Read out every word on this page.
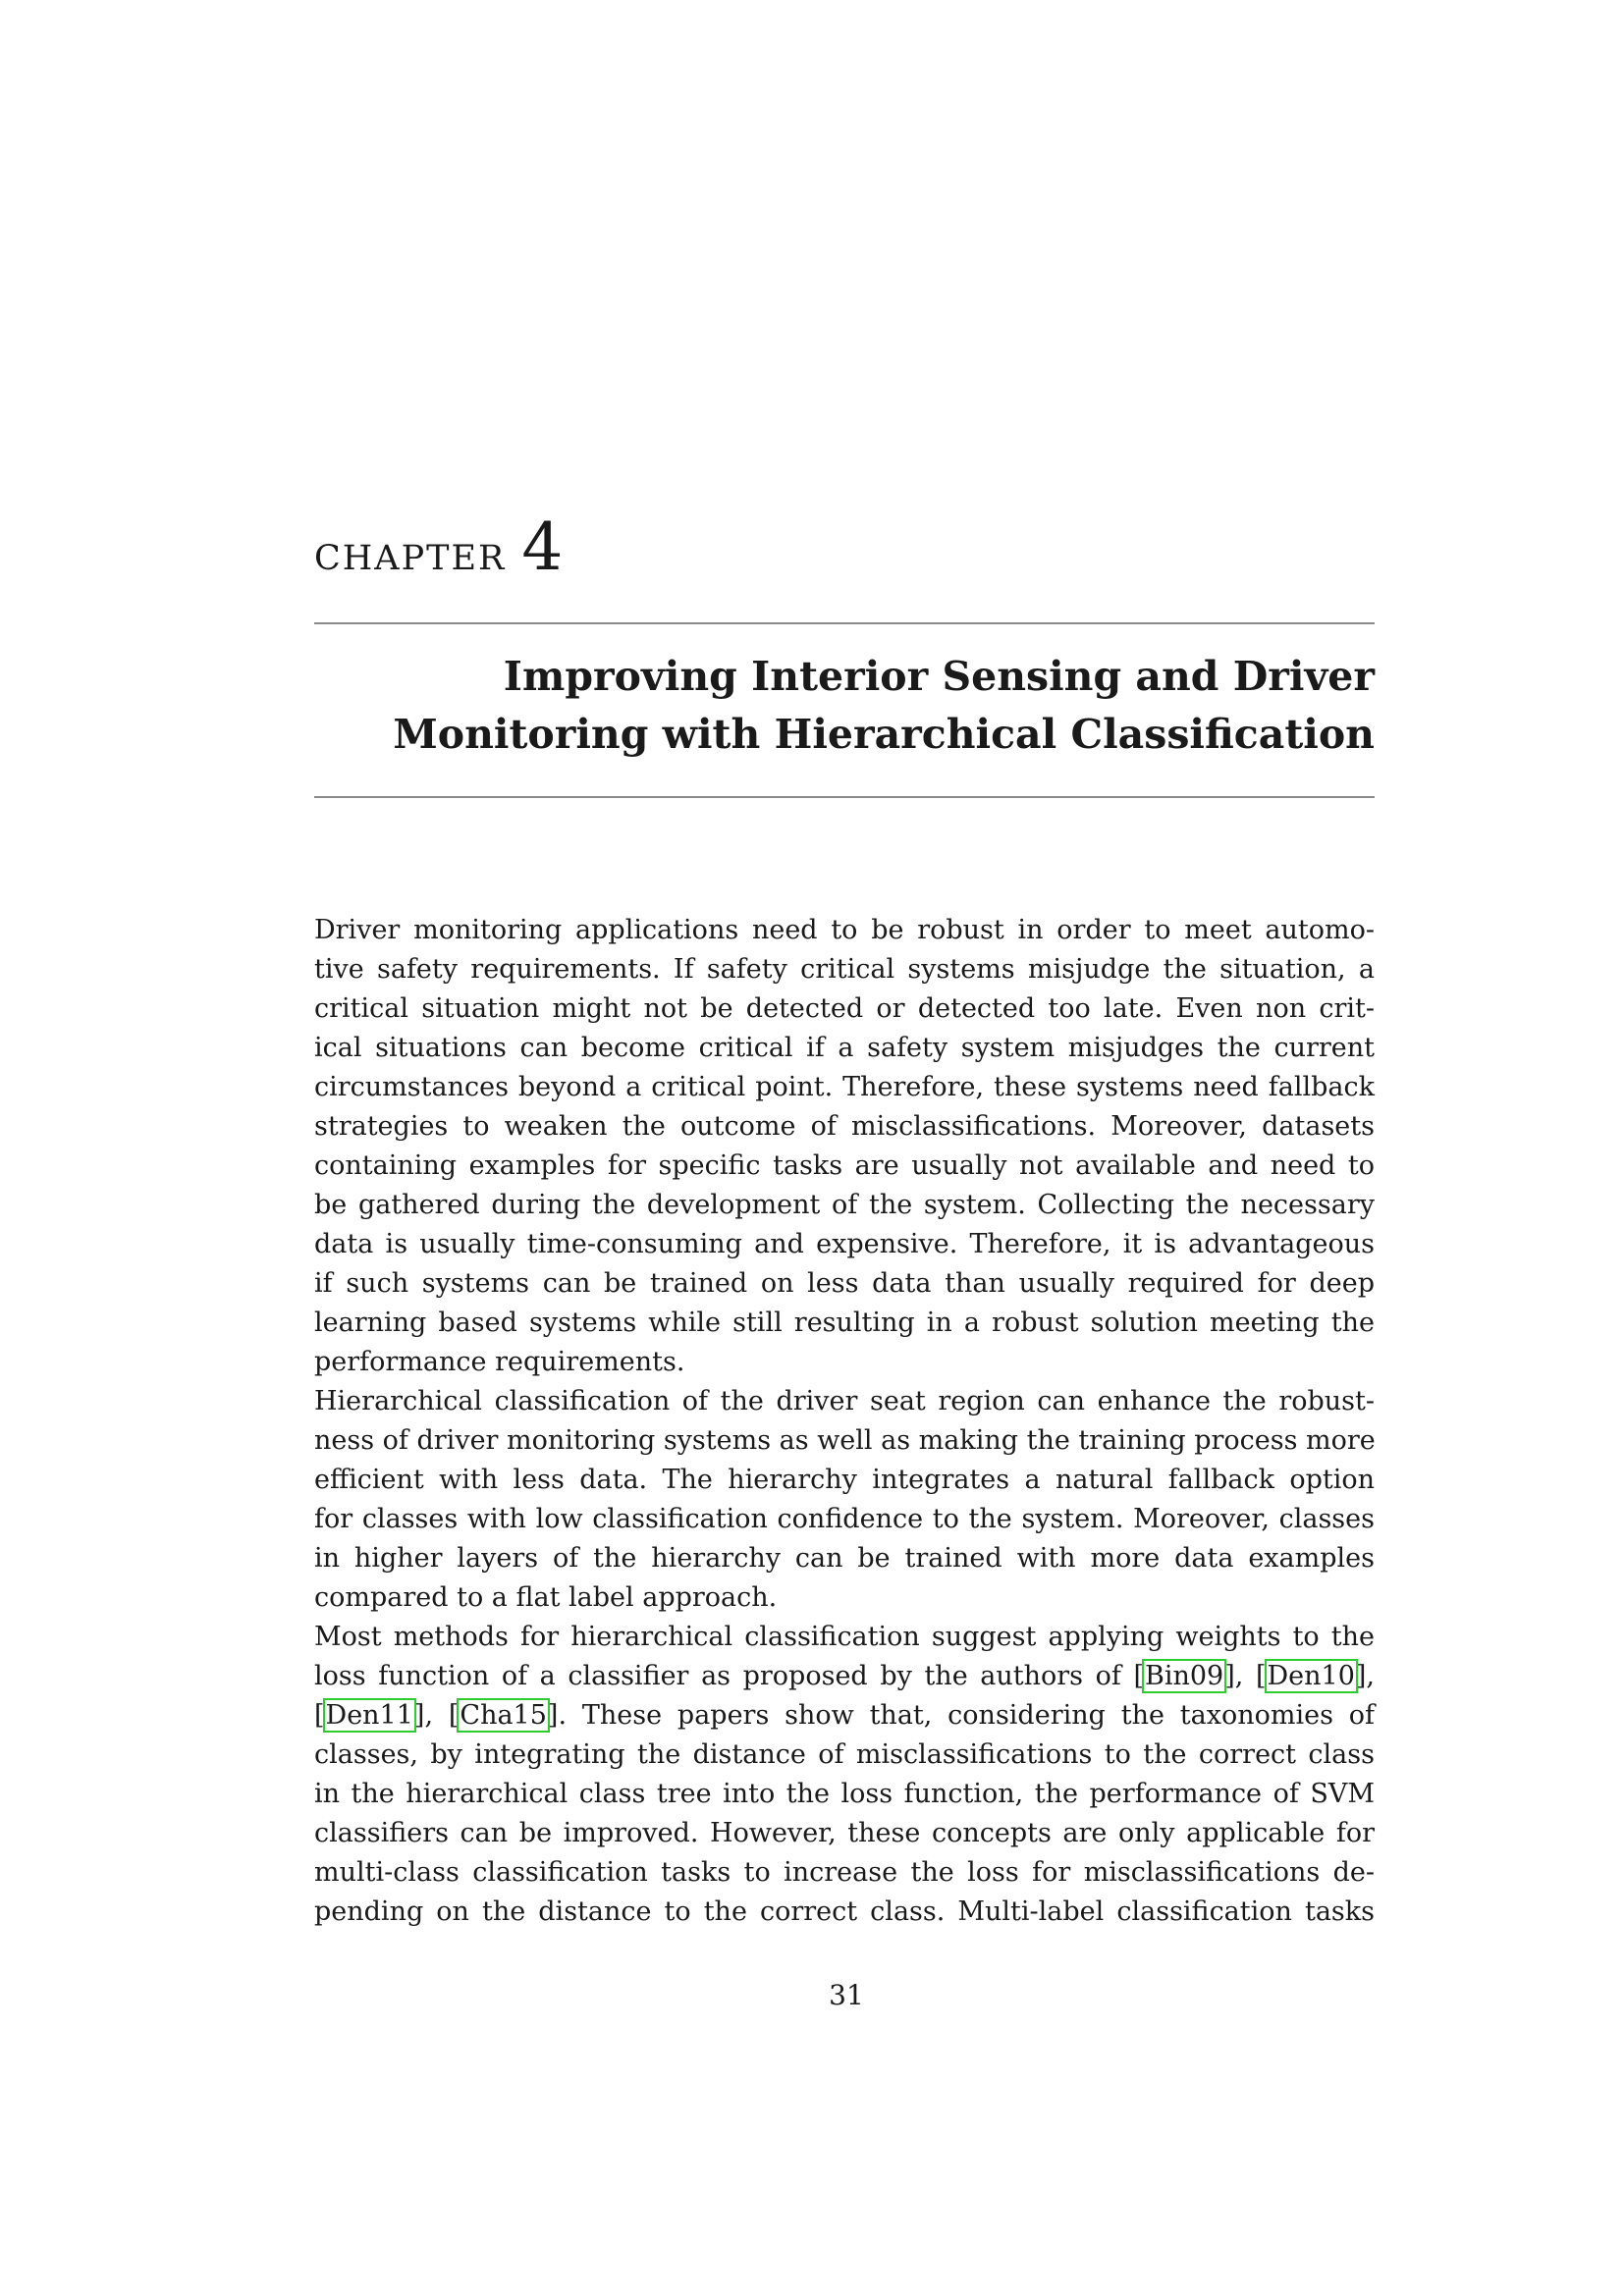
chapter 4
Improving Interior Sensing and Driver
Monitoring with Hierarchical Classification
Driver monitoring applications need to be robust in order to meet automo-
tive safety requirements. If safety critical systems misjudge the situation, a
critical situation might not be detected or detected too late. Even non crit-
ical situations can become critical if a safety system misjudges the current
circumstances beyond a critical point. Therefore, these systems need fallback
strategies to weaken the outcome of misclassifications. Moreover, datasets
containing examples for specific tasks are usually not available and need to
be gathered during the development of the system. Collecting the necessary
data is usually time-consuming and expensive. Therefore, it is advantageous
if such systems can be trained on less data than usually required for deep
learning based systems while still resulting in a robust solution meeting the
performance requirements.
Hierarchical classification of the driver seat region can enhance the robust-
ness of driver monitoring systems as well as making the training process more
efficient with less data. The hierarchy integrates a natural fallback option
for classes with low classification confidence to the system. Moreover, classes
in higher layers of the hierarchy can be trained with more data examples
compared to a flat label approach.
Most methods for hierarchical classification suggest applying weights to the
loss function of a classifier as proposed by the authors of [Bin09], [Den10],
[Den11], [Cha15]. These papers show that, considering the taxonomies of
classes, by integrating the distance of misclassifications to the correct class
in the hierarchical class tree into the loss function, the performance of SVM
classifiers can be improved. However, these concepts are only applicable for
multi-class classification tasks to increase the loss for misclassifications de-
pending on the distance to the correct class. Multi-label classification tasks
31
